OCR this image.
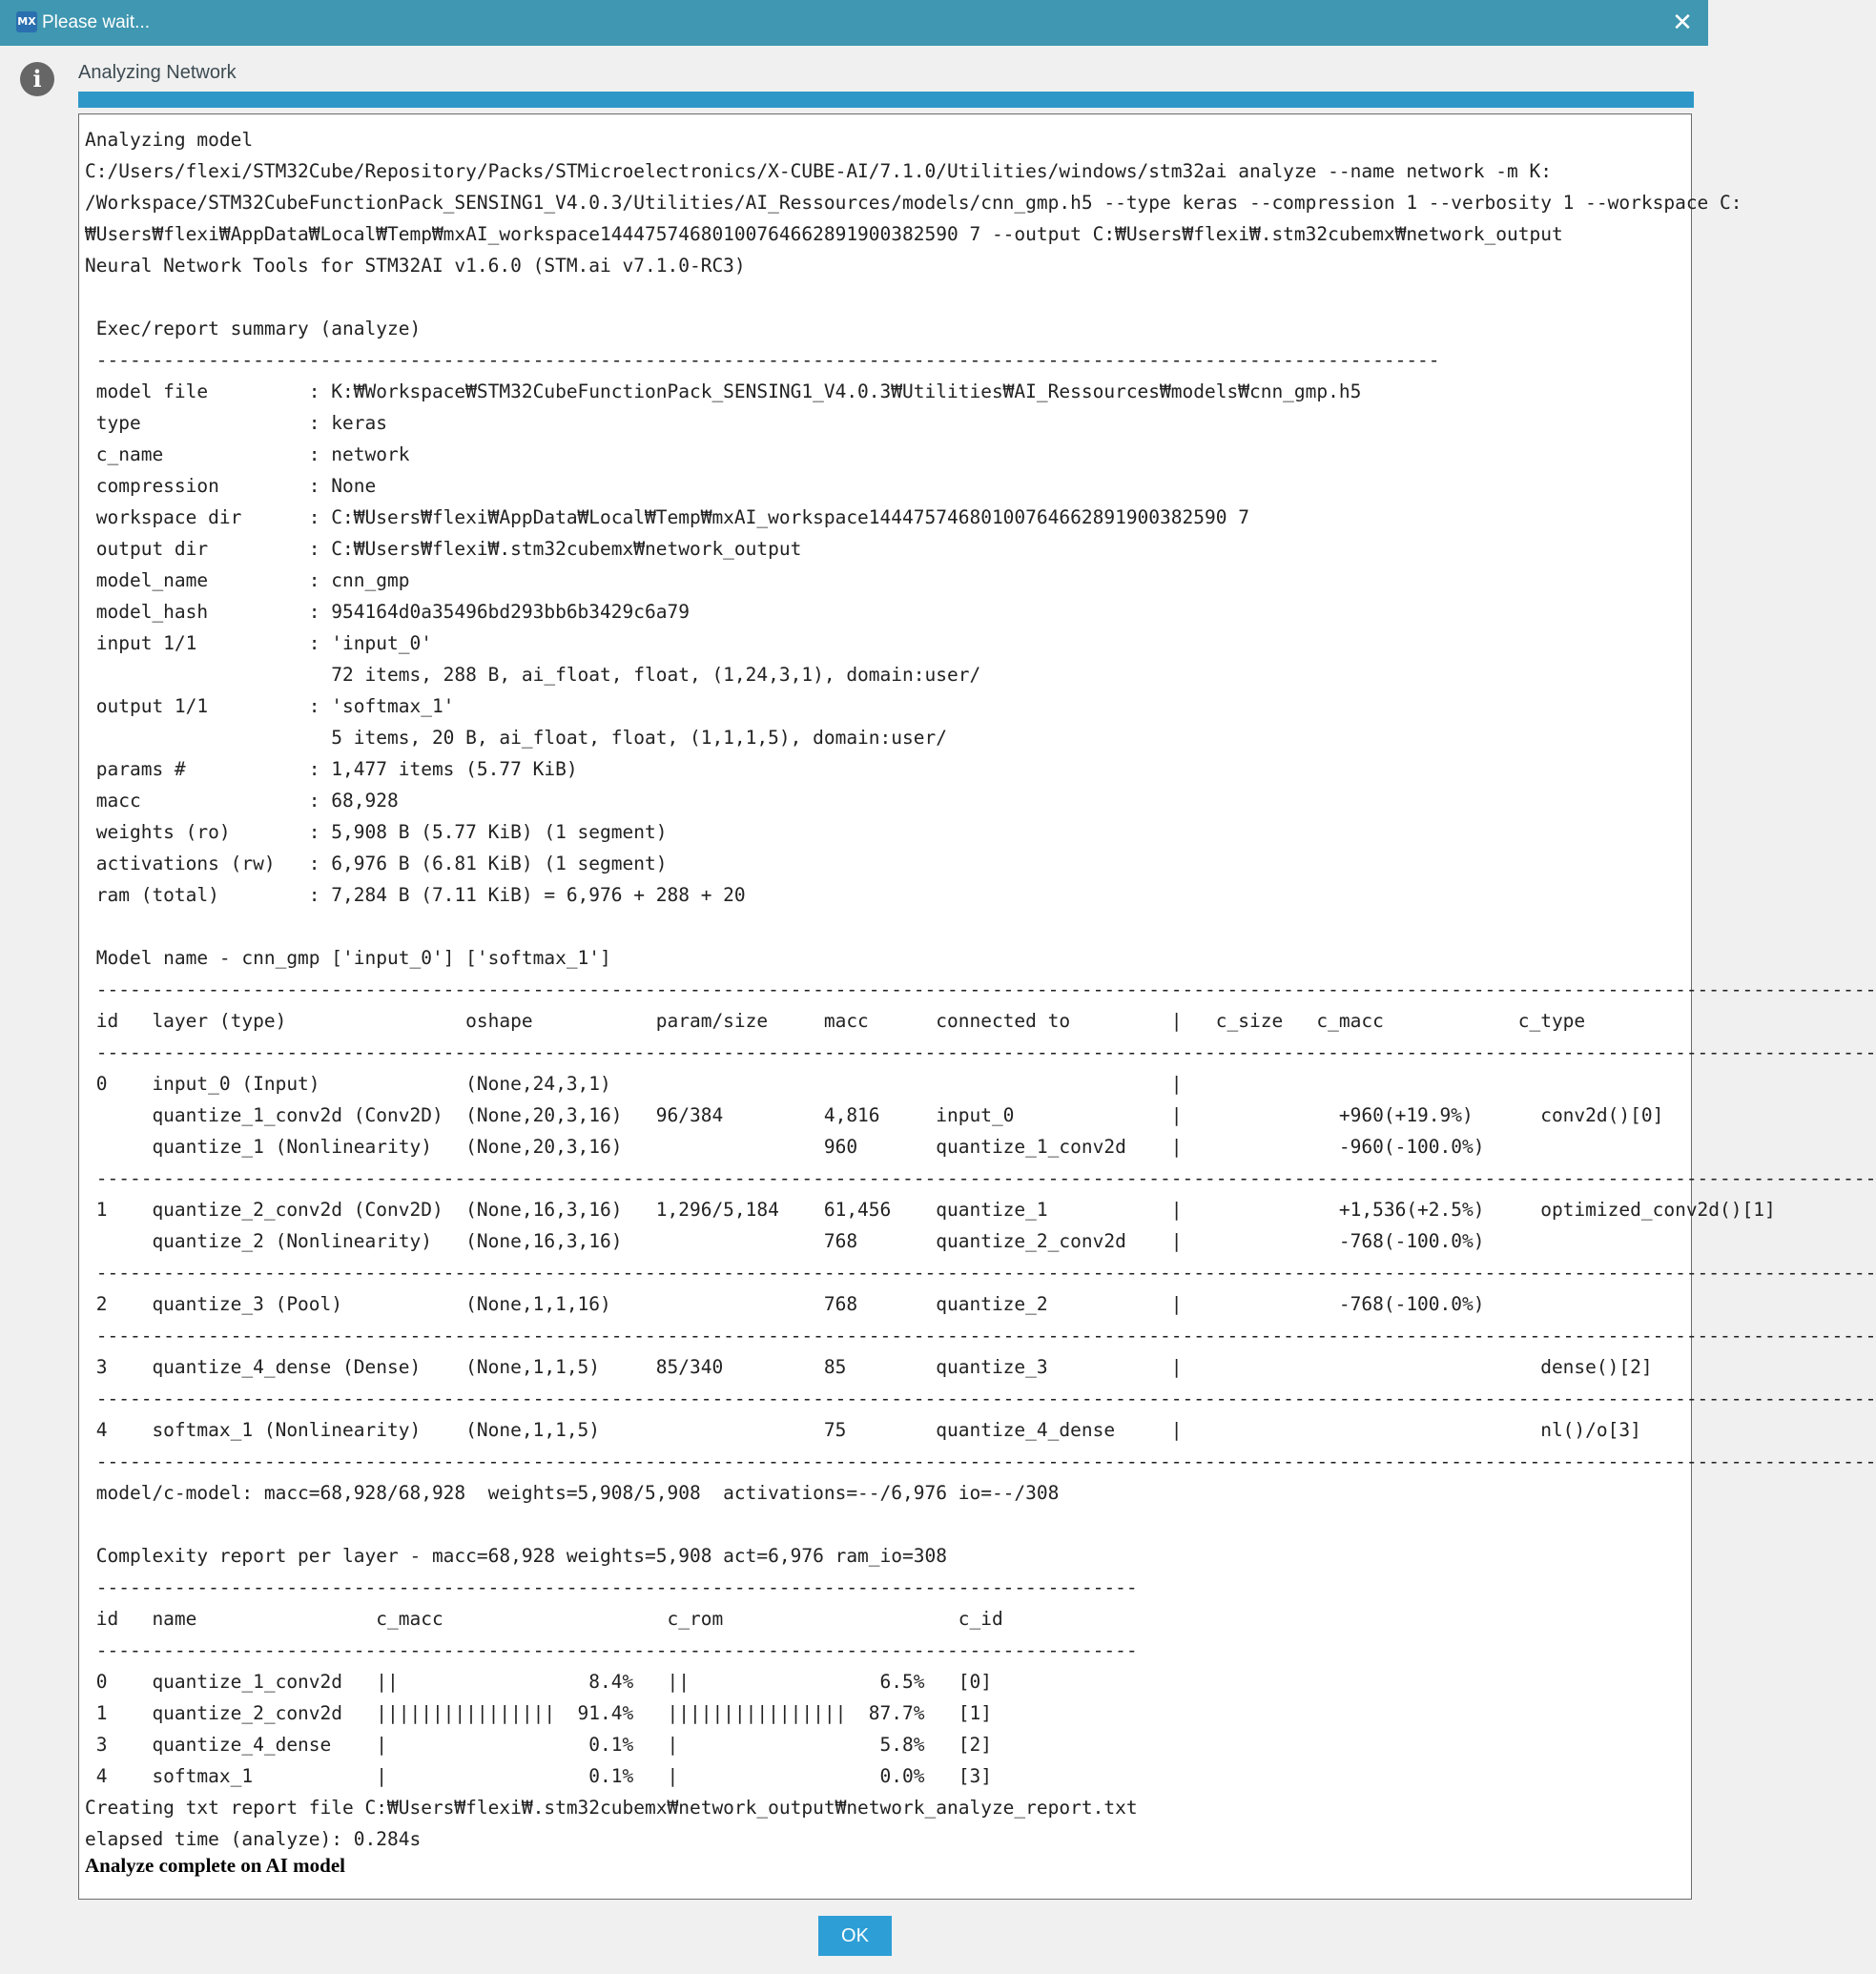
MX Please wait...	✕
i	Analyzing Network
Analyzing model
C:/Users/flexi/STM32Cube/Repository/Packs/STMicroelectronics/X-CUBE-AI/7.1.0/Utilities/windows/stm32ai analyze --name network -m K:
/Workspace/STM32CubeFunctionPack_SENSING1_V4.0.3/Utilities/AI_Ressources/models/cnn_gmp.h5 --type keras --compression 1 --verbosity 1 --workspace C:
₩Users₩flexi₩AppData₩Local₩Temp₩mxAI_workspace14447574680100764662891900382590 7 --output C:₩Users₩flexi₩.stm32cubemx₩network_output
Neural Network Tools for STM32AI v1.6.0 (STM.ai v7.1.0-RC3)

Exec/report summary (analyze)
------------------------------------------------------------------------------------------------------------------------
model file         : K:₩Workspace₩STM32CubeFunctionPack_SENSING1_V4.0.3₩Utilities₩AI_Ressources₩models₩cnn_gmp.h5
type               : keras
c_name             : network
compression        : None
workspace dir      : C:₩Users₩flexi₩AppData₩Local₩Temp₩mxAI_workspace14447574680100764662891900382590 7
output dir         : C:₩Users₩flexi₩.stm32cubemx₩network_output
model_name         : cnn_gmp
model_hash         : 954164d0a35496bd293bb6b3429c6a79
input 1/1          : 'input_0'
72 items, 288 B, ai_float, float, (1,24,3,1), domain:user/
output 1/1         : 'softmax_1'
5 items, 20 B, ai_float, float, (1,1,1,5), domain:user/
params #           : 1,477 items (5.77 KiB)
macc               : 68,928
weights (ro)       : 5,908 B (5.77 KiB) (1 segment)
activations (rw)   : 6,976 B (6.81 KiB) (1 segment)
ram (total)        : 7,284 B (7.11 KiB) = 6,976 + 288 + 20

Model name - cnn_gmp ['input_0'] ['softmax_1']
---------------------------------------------------------------------------------------------------------------------------------------------------------------
id   layer (type)                oshape           param/size     macc      connected to         |   c_size   c_macc            c_type
---------------------------------------------------------------------------------------------------------------------------------------------------------------
0    input_0 (Input)             (None,24,3,1)                                                  |
quantize_1_conv2d (Conv2D)  (None,20,3,16)   96/384         4,816     input_0              |              +960(+19.9%)      conv2d()[0]
quantize_1 (Nonlinearity)   (None,20,3,16)                  960       quantize_1_conv2d    |              -960(-100.0%)
---------------------------------------------------------------------------------------------------------------------------------------------------------------
1    quantize_2_conv2d (Conv2D)  (None,16,3,16)   1,296/5,184    61,456    quantize_1           |              +1,536(+2.5%)     optimized_conv2d()[1]
quantize_2 (Nonlinearity)   (None,16,3,16)                  768       quantize_2_conv2d    |              -768(-100.0%)
---------------------------------------------------------------------------------------------------------------------------------------------------------------
2    quantize_3 (Pool)           (None,1,1,16)                   768       quantize_2           |              -768(-100.0%)
---------------------------------------------------------------------------------------------------------------------------------------------------------------
3    quantize_4_dense (Dense)    (None,1,1,5)     85/340         85        quantize_3           |                                dense()[2]
---------------------------------------------------------------------------------------------------------------------------------------------------------------
4    softmax_1 (Nonlinearity)    (None,1,1,5)                    75        quantize_4_dense     |                                nl()/o[3]
---------------------------------------------------------------------------------------------------------------------------------------------------------------
model/c-model: macc=68,928/68,928  weights=5,908/5,908  activations=--/6,976 io=--/308

Complexity report per layer - macc=68,928 weights=5,908 act=6,976 ram_io=308
---------------------------------------------------------------------------------------------
id   name                c_macc                    c_rom                     c_id
---------------------------------------------------------------------------------------------
0    quantize_1_conv2d   ||                 8.4%   ||                 6.5%   [0]
1    quantize_2_conv2d   ||||||||||||||||  91.4%   ||||||||||||||||  87.7%   [1]
3    quantize_4_dense    |                  0.1%   |                  5.8%   [2]
4    softmax_1           |                  0.1%   |                  0.0%   [3]
Creating txt report file C:₩Users₩flexi₩.stm32cubemx₩network_output₩network_analyze_report.txt
elapsed time (analyze): 0.284s
Analyze complete on AI model
OK
